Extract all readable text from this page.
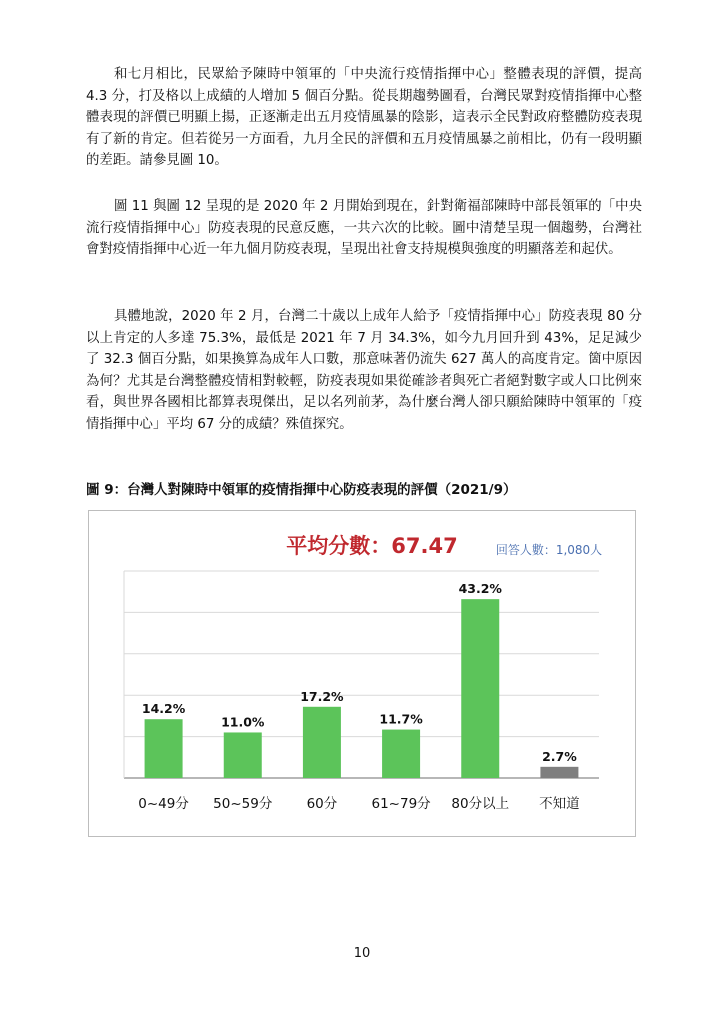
和七月相比，民眾給予陳時中領軍的「中央流行疫情指揮中心」整體表現的評價，提高 4.3 分，打及格以上成績的人增加 5 個百分點。從長期趨勢圖看，台灣民眾對疫情指揮中心整體表現的評價已明顯上揚，正逐漸走出五月疫情風暴的陰影，這表示全民對政府整體防疫表現有了新的肯定。但若從另一方面看，九月全民的評價和五月疫情風暴之前相比，仍有一段明顯的差距。請參見圖 10。

圖 11 與圖 12 呈現的是 2020 年 2 月開始到現在，針對衛福部陳時中部長領軍的「中央流行疫情指揮中心」防疫表現的民意反應，一共六次的比較。圖中清楚呈現一個趨勢，台灣社會對疫情指揮中心近一年九個月防疫表現，呈現出社會支持規模與強度的明顯落差和起伏。

具體地說，2020 年 2 月，台灣二十歲以上成年人給予「疫情指揮中心」防疫表現 80 分以上肯定的人多達 75.3%，最低是 2021 年 7 月 34.3%，如今九月回升到 43%，足足減少了 32.3 個百分點，如果換算為成年人口數，那意味著仍流失 627 萬人的高度肯定。箇中原因為何？尤其是台灣整體疫情相對較輕，防疫表現如果從確診者與死亡者絕對數字或人口比例來看，與世界各國相比都算表現傑出，足以名列前茅，為什麼台灣人卻只願給陳時中領軍的「疫情指揮中心」平均 67 分的成績？殊值探究。

圖 9：台灣人對陳時中領軍的疫情指揮中心防疫表現的評價（2021/9）

14.2%
11.0%
17.2%
11.7%
43.2%
2.7%
0~49分 50~59分	60分	61~79分 80分以上 不知道
平均分數：67.47	回答人數：1,080人
10
